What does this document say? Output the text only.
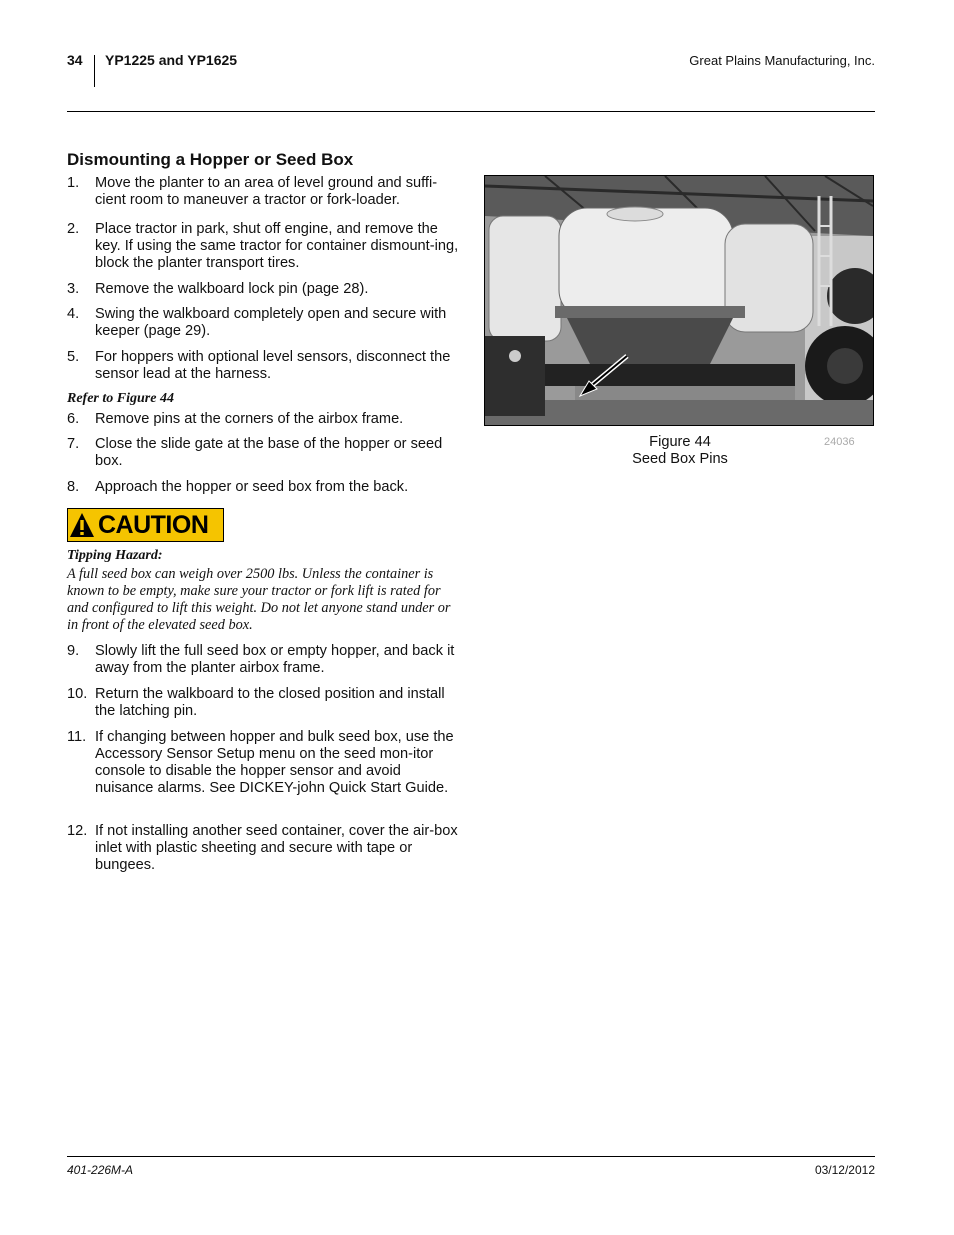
34 YP1225 and YP1625	Great Plains Manufacturing, Inc.
Dismounting a Hopper or Seed Box
1. Move the planter to an area of level ground and suffi-cient room to maneuver a tractor or fork-loader.
2. Place tractor in park, shut off engine, and remove the key. If using the same tractor for container dismount-ing, block the planter transport tires.
3. Remove the walkboard lock pin (page 28).
4. Swing the walkboard completely open and secure with keeper (page 29).
5. For hoppers with optional level sensors, disconnect the sensor lead at the harness.
Refer to Figure 44
6. Remove pins at the corners of the airbox frame.
7. Close the slide gate at the base of the hopper or seed box.
8. Approach the hopper or seed box from the back.
CAUTION
Tipping Hazard:
A full seed box can weigh over 2500 lbs. Unless the container is known to be empty, make sure your tractor or fork lift is rated for and configured to lift this weight. Do not let anyone stand under or in front of the elevated seed box.
9. Slowly lift the full seed box or empty hopper, and back it away from the planter airbox frame.
10. Return the walkboard to the closed position and install the latching pin.
11. If changing between hopper and bulk seed box, use the Accessory Sensor Setup menu on the seed mon-itor console to disable the hopper sensor and avoid nuisance alarms. See DICKEY-john Quick Start Guide.
12. If not installing another seed container, cover the air-box inlet with plastic sheeting and secure with tape or bungees.
Figure 44
Seed Box Pins
24036
401-226M-A	03/12/2012
